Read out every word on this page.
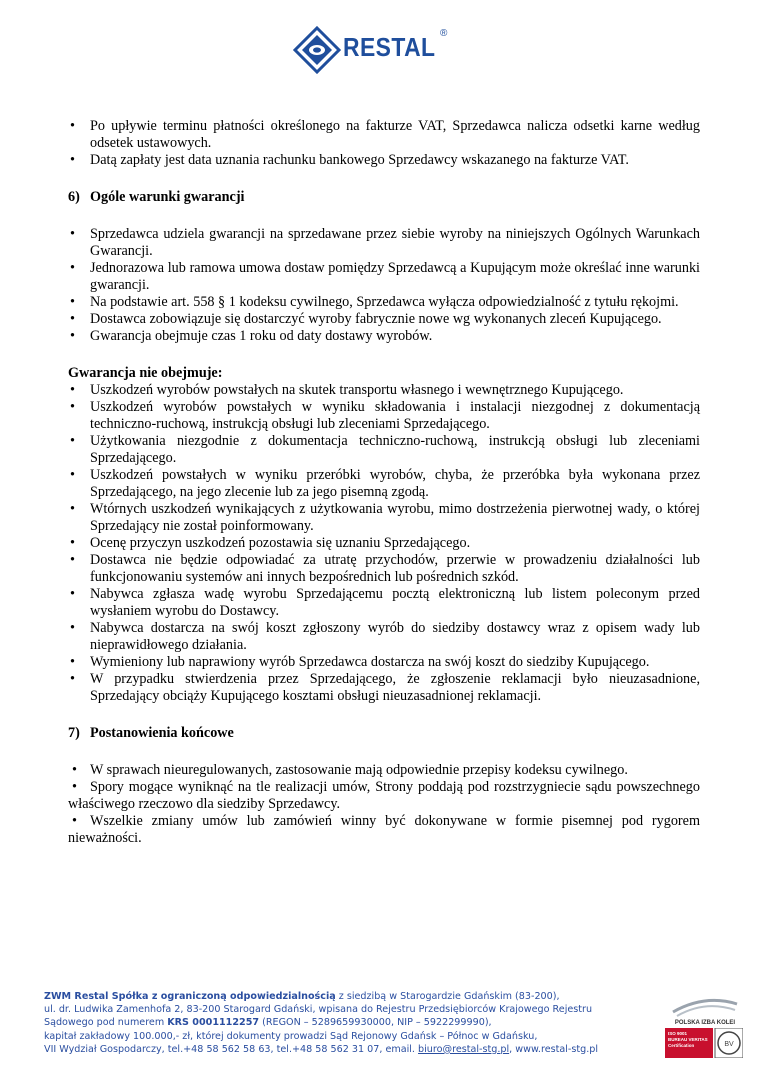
RESTAL ®
• Po upływie terminu płatności określonego na fakturze VAT, Sprzedawca nalicza odsetki karne według odsetek ustawowych.
• Datą zapłaty jest data uznania rachunku bankowego Sprzedawcy wskazanego na fakturze VAT.

6) Ogóle warunki gwarancji

• Sprzedawca udziela gwarancji na sprzedawane przez siebie wyroby na niniejszych Ogólnych Warunkach Gwarancji.
• Jednorazowa lub ramowa umowa dostaw pomiędzy Sprzedawcą a Kupującym może określać inne warunki gwarancji.
• Na podstawie art. 558 § 1 kodeksu cywilnego, Sprzedawca wyłącza odpowiedzialność z tytułu rękojmi.
• Dostawca zobowiązuje się dostarczyć wyroby fabrycznie nowe wg wykonanych zleceń Kupującego.
• Gwarancja obejmuje czas 1 roku od daty dostawy wyrobów.

Gwarancja nie obejmuje:

• Uszkodzeń wyrobów powstałych na skutek transportu własnego i wewnętrznego Kupującego.
• Uszkodzeń wyrobów powstałych w wyniku składowania i instalacji niezgodnej z dokumentacją techniczno-ruchową, instrukcją obsługi lub zleceniami Sprzedającego.
• Użytkowania niezgodnie z dokumentacja techniczno-ruchową, instrukcją obsługi lub zleceniami Sprzedającego.
• Uszkodzeń powstałych w wyniku przeróbki wyrobów, chyba, że przeróbka była wykonana przez Sprzedającego, na jego zlecenie lub za jego pisemną zgodą.
• Wtórnych uszkodzeń wynikających z użytkowania wyrobu, mimo dostrzeżenia pierwotnej wady, o której Sprzedający nie został poinformowany.
• Ocenę przyczyn uszkodzeń pozostawia się uznaniu Sprzedającego.
• Dostawca nie będzie odpowiadać za utratę przychodów, przerwie w prowadzeniu działalności lub funkcjonowaniu systemów ani innych bezpośrednich lub pośrednich szkód.
• Nabywca zgłasza wadę wyrobu Sprzedającemu pocztą elektroniczną lub listem poleconym przed wysłaniem wyrobu do Dostawcy.
• Nabywca dostarcza na swój koszt zgłoszony wyrób do siedziby dostawcy wraz z opisem wady lub nieprawidłowego działania.
• Wymieniony lub naprawiony wyrób Sprzedawca dostarcza na swój koszt do siedziby Kupującego.
• W przypadku stwierdzenia przez Sprzedającego, że zgłoszenie reklamacji było nieuzasadnione, Sprzedający obciąży Kupującego kosztami obsługi nieuzasadnionej reklamacji.

7) Postanowienia końcowe

• W sprawach nieuregulowanych, zastosowanie mają odpowiednie przepisy kodeksu cywilnego.

• Spory mogące wyniknąć na tle realizacji umów, Strony poddają pod rozstrzygniecie sądu powszechnego właściwego rzeczowo dla siedziby Sprzedawcy.

• Wszelkie zmiany umów lub zamówień winny być dokonywane w formie pisemnej pod rygorem nieważności.

ZWM Restal Spółka z ograniczoną odpowiedzialnością z siedzibą w Starogardzie Gdańskim (83-200),
ul. dr. Ludwika Zamenhofa 2, 83-200 Starogard Gdański, wpisana do Rejestru Przedsiębiorców Krajowego Rejestru
Sądowego pod numerem KRS 0001112257 (REGON – 5289659930000, NIP – 5922299990),
kapitał zakładowy 100.000,- zł, której dokumenty prowadzi Sąd Rejonowy Gdańsk – Północ w Gdańsku,
VII Wydział Gospodarczy, tel.+48 58 562 58 63, tel.+48 58 562 31 07, email. biuro@restal-stg.pl, www.restal-stg.pl
POLSKA IZBA KOLEI
BV
ISO 9001
BUREAU VERITAS
Certification
